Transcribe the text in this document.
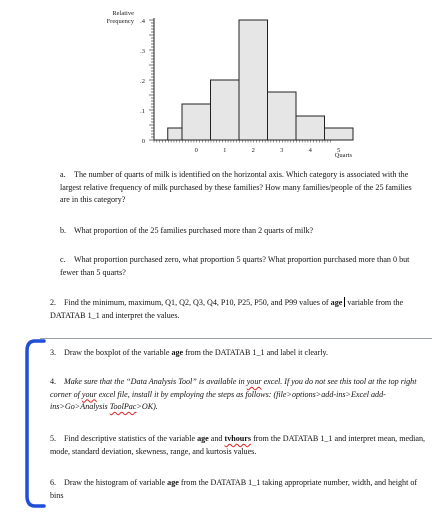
.4
.3
.2
.1
0
0	1	2	3	4	5
Relative
Frequency
Quarts

a. The number of quarts of milk is identified on the horizontal axis. Which category is associated with the largest relative frequency of milk purchased by these families? How many families/people of the 25 families are in this category?

b. What proportion of the 25 families purchased more than 2 quarts of milk?

c. What proportion purchased zero, what proportion 5 quarts? What proportion purchased more than 0 but fewer than 5 quarts?

2. Find the minimum, maximum, Q1, Q2, Q3, Q4, P10, P25, P50, and P99 values of age variable from the DATATAB 1_1 and interpret the values.

3. Draw the boxplot of the variable age from the DATATAB 1_1 and label it clearly.

4. Make sure that the “Data Analysis Tool” is available in your excel. If you do not see this tool at the top right corner of your excel file, install it by employing the steps as follows: (file>options>add-ins>Excel add-ins>Go>Analysis ToolPac>OK).

5. Find descriptive statistics of the variable age and tvhours from the DATATAB 1_1 and interpret mean, median, mode, standard deviation, skewness, range, and kurtosis values.

6. Draw the histogram of variable age from the DATATAB 1_1 taking appropriate number, width, and height of bins
